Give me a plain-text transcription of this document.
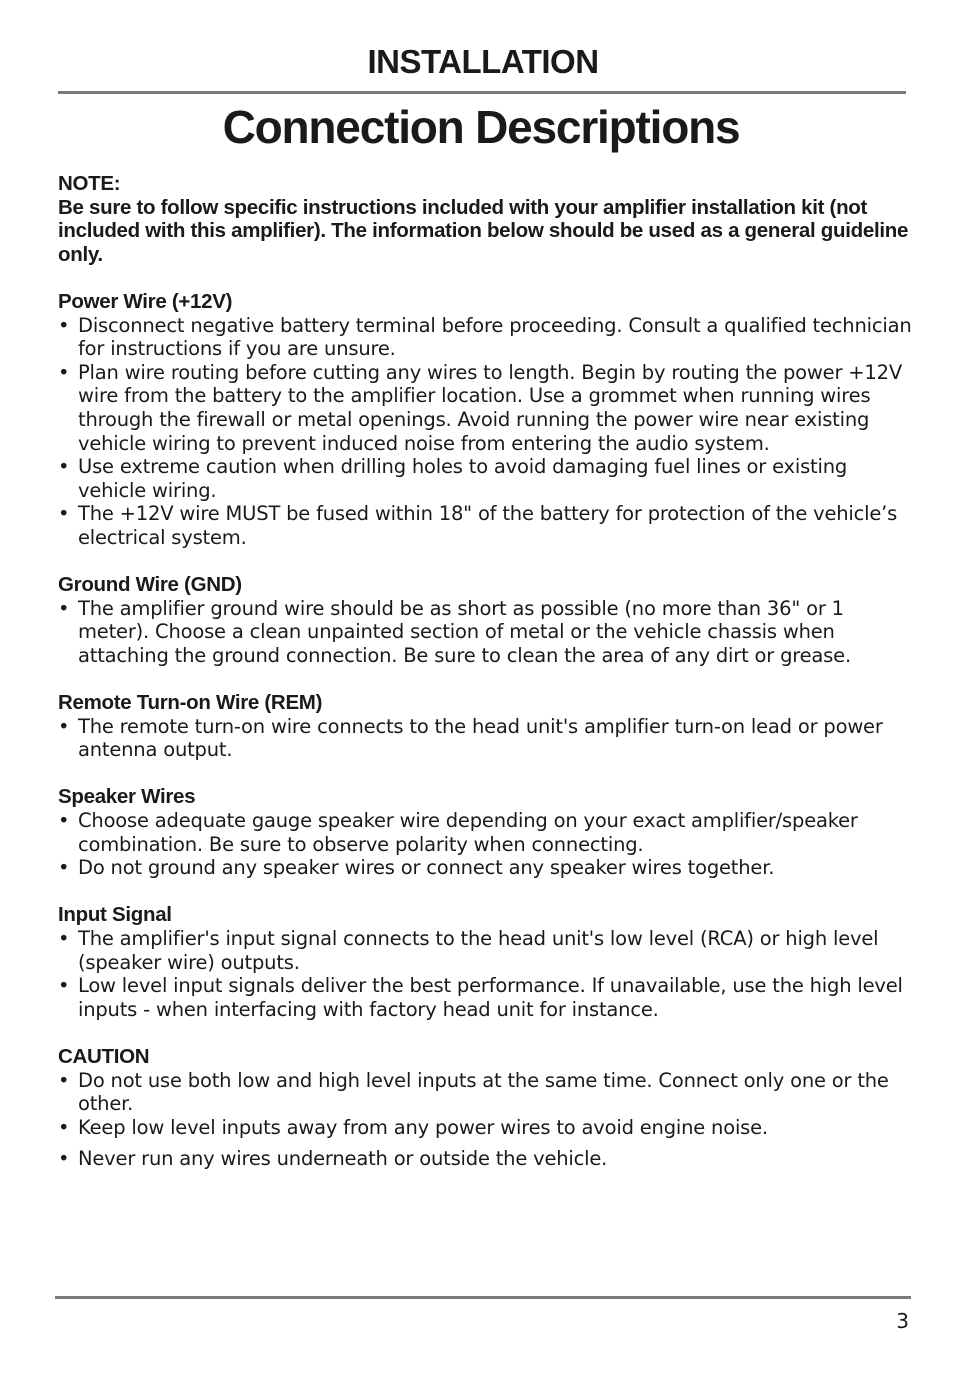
INSTALLATION
Connection Descriptions

NOTE:

Be sure to follow specific instructions included with your amplifier installation kit (not included with this amplifier). The information below should be used as a general guideline only.

Power Wire (+12V)

• Disconnect negative battery terminal before proceeding. Consult a qualified technician for instructions if you are unsure.
• Plan wire routing before cutting any wires to length. Begin by routing the power +12V wire from the battery to the amplifier location. Use a grommet when running wires through the firewall or metal openings. Avoid running the power wire near existing vehicle wiring to prevent induced noise from entering the audio system.
• Use extreme caution when drilling holes to avoid damaging fuel lines or existing vehicle wiring.
• The +12V wire MUST be fused within 18" of the battery for protection of the vehicle’s electrical system.

Ground Wire (GND)

• The amplifier ground wire should be as short as possible (no more than 36" or 1 meter). Choose a clean unpainted section of metal or the vehicle chassis when attaching the ground connection. Be sure to clean the area of any dirt or grease.

Remote Turn-on Wire (REM)

• The remote turn-on wire connects to the head unit's amplifier turn-on lead or power antenna output.

Speaker Wires

• Choose adequate gauge speaker wire depending on your exact amplifier/speaker combination. Be sure to observe polarity when connecting.
• Do not ground any speaker wires or connect any speaker wires together.

Input Signal

• The amplifier's input signal connects to the head unit's low level (RCA) or high level (speaker wire) outputs.
• Low level input signals deliver the best performance. If unavailable, use the high level inputs - when interfacing with factory head unit for instance.

CAUTION

• Do not use both low and high level inputs at the same time. Connect only one or the other.
• Keep low level inputs away from any power wires to avoid engine noise.
• Never run any wires underneath or outside the vehicle.
3
